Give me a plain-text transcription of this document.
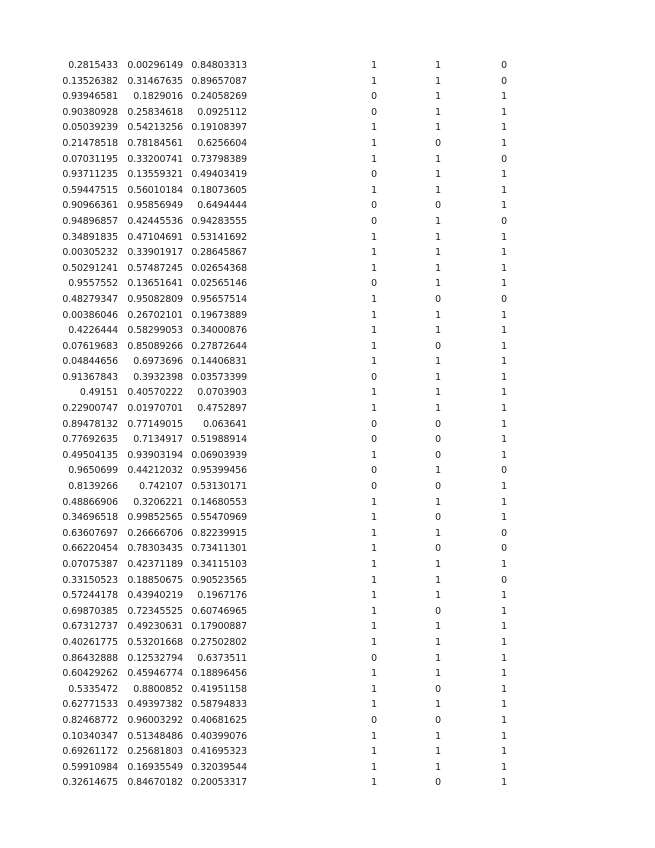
0.2815433 0.00296149 0.84803313	1	1	0
0.13526382 0.31467635 0.89657087	1	1	0
0.93946581	0.1829016 0.24058269	0	1	1
0.90380928 0.25834618	0.0925112	0	1	1
0.05039239 0.54213256 0.19108397	1	1	1
0.21478518 0.78184561	0.6256604	1	0	1
0.07031195 0.33200741 0.73798389	1	1	0
0.93711235 0.13559321 0.49403419	0	1	1
0.59447515 0.56010184 0.18073605	1	1	1
0.90966361 0.95856949	0.6494444	0	0	1
0.94896857 0.42445536 0.94283555	0	1	0
0.34891835 0.47104691 0.53141692	1	1	1
0.00305232 0.33901917 0.28645867	1	1	1
0.50291241 0.57487245 0.02654368	1	1	1
0.9557552 0.13651641 0.02565146	0	1	1
0.48279347 0.95082809 0.95657514	1	0	0
0.00386046 0.26702101 0.19673889	1	1	1
0.4226444 0.58299053 0.34000876	1	1	1
0.07619683 0.85089266 0.27872644	1	0	1
0.04844656	0.6973696 0.14406831	1	1	1
0.91367843	0.3932398 0.03573399	0	1	1
0.49151 0.40570222	0.0703903	1	1	1
0.22900747 0.01970701	0.4752897	1	1	1
0.89478132 0.77149015	0.063641	0	0	1
0.77692635	0.7134917 0.51988914	0	0	1
0.49504135 0.93903194 0.06903939	1	0	1
0.9650699 0.44212032 0.95399456	0	1	0
0.8139266	0.742107 0.53130171	0	0	1
0.48866906	0.3206221 0.14680553	1	1	1
0.34696518 0.99852565 0.55470969	1	0	1
0.63607697 0.26666706 0.82239915	1	1	0
0.66220454 0.78303435 0.73411301	1	0	0
0.07075387 0.42371189 0.34115103	1	1	1
0.33150523 0.18850675 0.90523565	1	1	0
0.57244178 0.43940219	0.1967176	1	1	1
0.69870385 0.72345525 0.60746965	1	0	1
0.67312737 0.49230631 0.17900887	1	1	1
0.40261775 0.53201668 0.27502802	1	1	1
0.86432888 0.12532794	0.6373511	0	1	1
0.60429262 0.45946774 0.18896456	1	1	1
0.5335472	0.8800852 0.41951158	1	0	1
0.62771533 0.49397382 0.58794833	1	1	1
0.82468772 0.96003292 0.40681625	0	0	1
0.10340347 0.51348486 0.40399076	1	1	1
0.69261172 0.25681803 0.41695323	1	1	1
0.59910984 0.16935549 0.32039544	1	1	1
0.32614675 0.84670182 0.20053317	1	0	1
